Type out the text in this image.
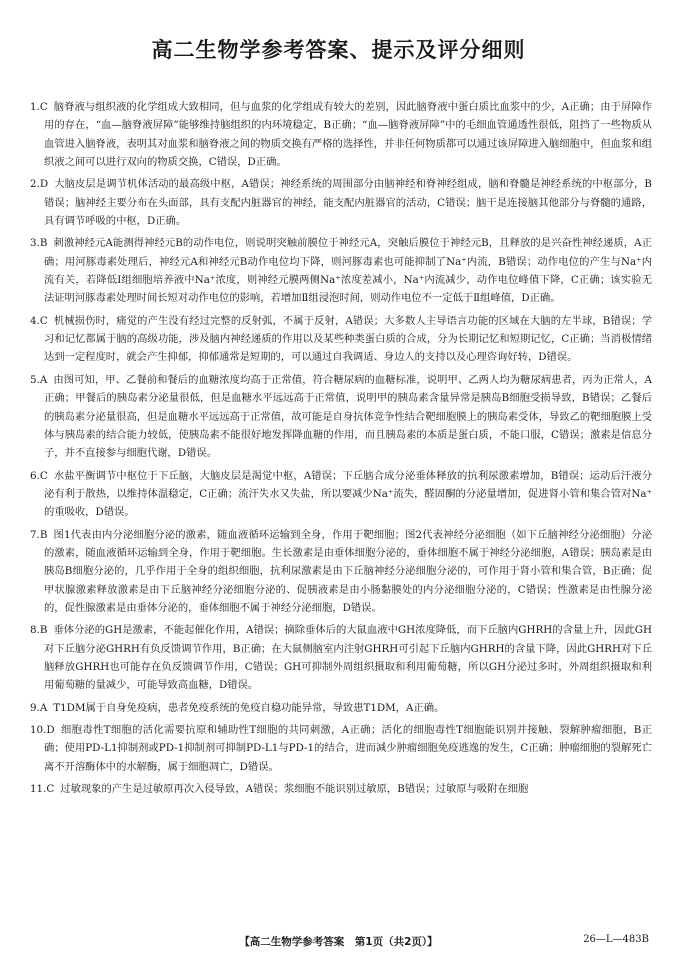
高二生物学参考答案、提示及评分细则

1.C 脑脊液与组织液的化学组成大致相同，但与血浆的化学组成有较大的差别，因此脑脊液中蛋白质比血浆中的少，A正确；由于屏障作用的存在，“血—脑脊液屏障”能够维持脑组织的内环境稳定，B正确；“血—脑脊液屏障”中的毛细血管通透性很低，阻挡了一些物质从血管进入脑脊液，表明其对血浆和脑脊液之间的物质交换有严格的选择性，并非任何物质都可以通过该屏障进入脑细胞中，但血浆和组织液之间可以进行双向的物质交换，C错误，D正确。

2.D 大脑皮层是调节机体活动的最高级中枢，A错误；神经系统的周围部分由脑神经和脊神经组成，脑和脊髓是神经系统的中枢部分，B错误；脑神经主要分布在头面部，具有支配内脏器官的神经，能支配内脏器官的活动，C错误；脑干是连接脑其他部分与脊髓的通路，具有调节呼吸的中枢，D正确。

3.B 刺激神经元A能测得神经元B的动作电位，则说明突触前膜位于神经元A，突触后膜位于神经元B，且释放的是兴奋性神经递质，A正确；用河豚毒素处理后，神经元A和神经元B动作电位均下降，则河豚毒素也可能抑制了Na⁺内流，B错误；动作电位的产生与Na⁺内流有关，若降低Ⅰ组细胞培养液中Na⁺浓度，则神经元膜两侧Na⁺浓度差减小，Na⁺内流减少，动作电位峰值下降，C正确；该实验无法证明河豚毒素处理时间长短对动作电位的影响，若增加Ⅱ组浸泡时间，则动作电位不一定低于Ⅱ组峰值，D正确。

4.C 机械损伤时，痛觉的产生没有经过完整的反射弧，不属于反射，A错误；大多数人主导语言功能的区域在大脑的左半球，B错误；学习和记忆都属于脑的高级功能，涉及脑内神经递质的作用以及某些种类蛋白质的合成，分为长期记忆和短期记忆，C正确；当消极情绪达到一定程度时，就会产生抑郁，抑郁通常是短期的，可以通过自我调适、身边人的支持以及心理咨询好转，D错误。

5.A 由图可知，甲、乙餐前和餐后的血糖浓度均高于正常值，符合糖尿病的血糖标准，说明甲、乙两人均为糖尿病患者，丙为正常人，A正确；甲餐后的胰岛素分泌量很低，但是血糖水平远远高于正常值，说明甲的胰岛素含量异常是胰岛B细胞受损导致，B错误；乙餐后的胰岛素分泌量很高，但是血糖水平远远高于正常值，故可能是自身抗体竞争性结合靶细胞膜上的胰岛素受体，导致乙的靶细胞膜上受体与胰岛素的结合能力较低，使胰岛素不能很好地发挥降血糖的作用，而且胰岛素的本质是蛋白质，不能口服，C错误；激素是信息分子，并不直接参与细胞代谢，D错误。

6.C 水盐平衡调节中枢位于下丘脑，大脑皮层是渴觉中枢，A错误；下丘脑合成分泌垂体释放的抗利尿激素增加，B错误；运动后汗液分泌有利于散热，以维持体温稳定，C正确；流汗失水又失盐，所以要减少Na⁺流失，醛固酮的分泌量增加，促进肾小管和集合管对Na⁺的重吸收，D错误。

7.B 图1代表由内分泌细胞分泌的激素，随血液循环运输到全身，作用于靶细胞；图2代表神经分泌细胞（如下丘脑神经分泌细胞）分泌的激素，随血液循环运输到全身，作用于靶细胞。生长激素是由垂体细胞分泌的，垂体细胞不属于神经分泌细胞，A错误；胰岛素是由胰岛B细胞分泌的，几乎作用于全身的组织细胞，抗利尿激素是由下丘脑神经分泌细胞分泌的，可作用于肾小管和集合管，B正确；促甲状腺激素释放激素是由下丘脑神经分泌细胞分泌的、促胰液素是由小肠黏膜处的内分泌细胞分泌的，C错误；性激素是由性腺分泌的，促性腺激素是由垂体分泌的，垂体细胞不属于神经分泌细胞，D错误。

8.B 垂体分泌的GH是激素，不能起催化作用，A错误；摘除垂体后的大鼠血液中GH浓度降低，而下丘脑内GHRH的含量上升，因此GH对下丘脑分泌GHRH有负反馈调节作用，B正确；在大鼠侧脑室内注射GHRH可引起下丘脑内GHRH的含量下降，因此GHRH对下丘脑释放GHRH也可能存在负反馈调节作用，C错误；GH可抑制外周组织摄取和利用葡萄糖，所以GH分泌过多时，外周组织摄取和利用葡萄糖的量减少，可能导致高血糖，D错误。

9.A T1DM属于自身免疫病，患者免疫系统的免疫自稳功能异常，导致患T1DM，A正确。

10.D 细胞毒性T细胞的活化需要抗原和辅助性T细胞的共同刺激，A正确；活化的细胞毒性T细胞能识别并接触、裂解肿瘤细胞，B正确；使用PD-L1抑制剂或PD-1抑制剂可抑制PD-L1与PD-1的结合，进而减少肿瘤细胞免疫逃逸的发生，C正确；肿瘤细胞的裂解死亡离不开溶酶体中的水解酶，属于细胞凋亡，D错误。

11.C 过敏现象的产生是过敏原再次入侵导致，A错误；浆细胞不能识别过敏原，B错误；过敏原与吸附在细胞

【高二生物学参考答案　第1页（共2页）】	26—L—483B
